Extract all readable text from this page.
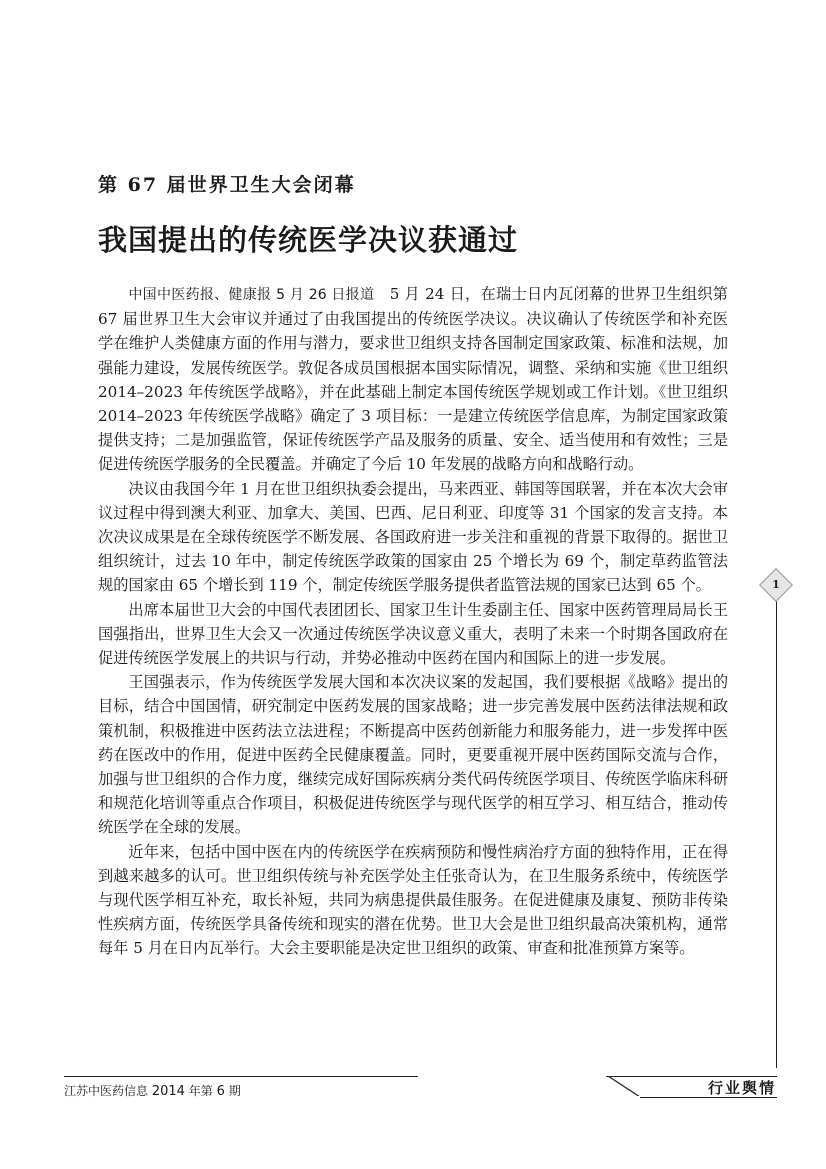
第 67 届世界卫生大会闭幕
我国提出的传统医学决议获通过

中国中医药报、健康报 5 月 26 日报道　 5 月 24 日，在瑞士日内瓦闭幕的世界卫生组织第 67 届世界卫生大会审议并通过了由我国提出的传统医学决议。决议确认了传统医学和补充医学在维护人类健康方面的作用与潜力，要求世卫组织支持各国制定国家政策、标准和法规，加强能力建设，发展传统医学。敦促各成员国根据本国实际情况，调整、采纳和实施《世卫组织 2014–2023 年传统医学战略》，并在此基础上制定本国传统医学规划或工作计划。《世卫组织 2014–2023 年传统医学战略》确定了 3 项目标：一是建立传统医学信息库，为制定国家政策提供支持；二是加强监管，保证传统医学产品及服务的质量、安全、适当使用和有效性；三是促进传统医学服务的全民覆盖。并确定了今后 10 年发展的战略方向和战略行动。

决议由我国今年 1 月在世卫组织执委会提出，马来西亚、韩国等国联署，并在本次大会审议过程中得到澳大利亚、加拿大、美国、巴西、尼日利亚、印度等 31 个国家的发言支持。本次决议成果是在全球传统医学不断发展、各国政府进一步关注和重视的背景下取得的。据世卫组织统计，过去 10 年中，制定传统医学政策的国家由 25 个增长为 69 个，制定草药监管法规的国家由 65 个增长到 119 个，制定传统医学服务提供者监管法规的国家已达到 65 个。

出席本届世卫大会的中国代表团团长、国家卫生计生委副主任、国家中医药管理局局长王国强指出，世界卫生大会又一次通过传统医学决议意义重大，表明了未来一个时期各国政府在促进传统医学发展上的共识与行动，并势必推动中医药在国内和国际上的进一步发展。

王国强表示，作为传统医学发展大国和本次决议案的发起国，我们要根据《战略》提出的目标，结合中国国情，研究制定中医药发展的国家战略；进一步完善发展中医药法律法规和政策机制，积极推进中医药法立法进程；不断提高中医药创新能力和服务能力，进一步发挥中医药在医改中的作用，促进中医药全民健康覆盖。同时，更要重视开展中医药国际交流与合作，加强与世卫组织的合作力度，继续完成好国际疾病分类代码传统医学项目、传统医学临床科研和规范化培训等重点合作项目，积极促进传统医学与现代医学的相互学习、相互结合，推动传统医学在全球的发展。

近年来，包括中国中医在内的传统医学在疾病预防和慢性病治疗方面的独特作用，正在得到越来越多的认可。世卫组织传统与补充医学处主任张奇认为，在卫生服务系统中，传统医学与现代医学相互补充，取长补短，共同为病患提供最佳服务。在促进健康及康复、预防非传染性疾病方面，传统医学具备传统和现实的潜在优势。世卫大会是世卫组织最高决策机构，通常每年 5 月在日内瓦举行。大会主要职能是决定世卫组织的政策、审查和批准预算方案等。

1
江苏中医药信息 2014 年第 6 期	行业舆情
